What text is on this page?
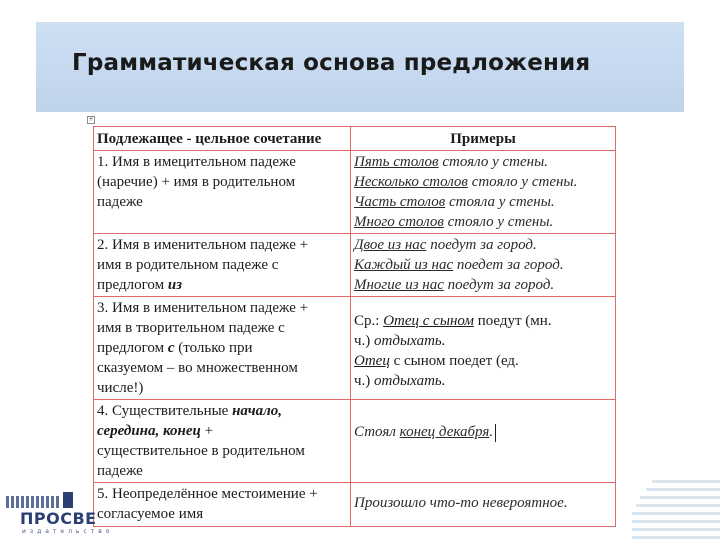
Грамматическая основа предложения
+
Подлежащее - цельное сочетание	Примеры

1. Имя в имецительном падеже
(наречие) + имя в родительном
падеже	Пять столов стояло у стены.
Несколько столов стояло у стены.
Часть столов стояла у стены.
Много столов стояло у стены.

2. Имя в именительном падеже +
имя в родительном падеже с
предлогом из	Двое из нас поедут за город.
Каждый из нас поедет за город.
Многие из нас поедут за город.

3. Имя в именительном падеже +
имя в творительном падеже с
предлогом с (только при
сказуемом – во множественном
числе!)	Ср.: Отец с сыном поедут (мн.
ч.) отдыхать.
Отец с сыном поедет (ед.
ч.) отдыхать.

4. Существительные начало,
середина, конец +
существительное в родительном
падеже	Стоял конец декабря.

5. Неопределённое местоимение +
согласуемое имя	Произошло что-то невероятное.
ПРОСВЕ
издательство
